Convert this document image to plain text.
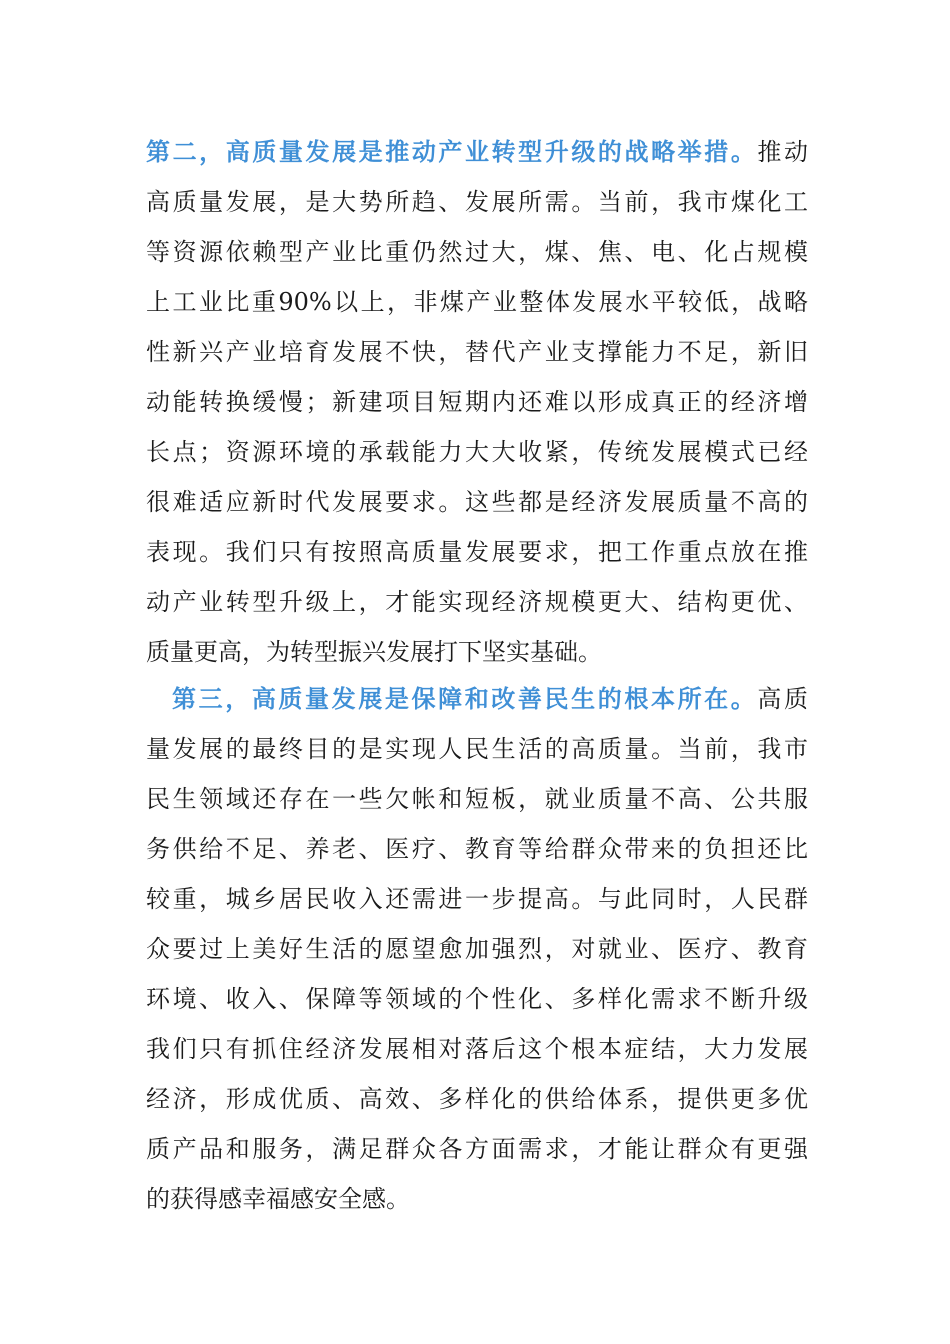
第二，高质量发展是推动产业转型升级的战略举措。推动
高质量发展，是大势所趋、发展所需。当前，我市煤化工
等资源依赖型产业比重仍然过大，煤、焦、电、化占规模
上工业比重90%以上，非煤产业整体发展水平较低，战略
性新兴产业培育发展不快，替代产业支撑能力不足，新旧
动能转换缓慢；新建项目短期内还难以形成真正的经济增
长点；资源环境的承载能力大大收紧，传统发展模式已经
很难适应新时代发展要求。这些都是经济发展质量不高的
表现。我们只有按照高质量发展要求，把工作重点放在推
动产业转型升级上，才能实现经济规模更大、结构更优、
质量更高，为转型振兴发展打下坚实基础。
第三，高质量发展是保障和改善民生的根本所在。高质
量发展的最终目的是实现人民生活的高质量。当前，我市
民生领域还存在一些欠帐和短板，就业质量不高、公共服
务供给不足、养老、医疗、教育等给群众带来的负担还比
较重，城乡居民收入还需进一步提高。与此同时，人民群
众要过上美好生活的愿望愈加强烈，对就业、医疗、教育
环境、收入、保障等领域的个性化、多样化需求不断升级
我们只有抓住经济发展相对落后这个根本症结，大力发展
经济，形成优质、高效、多样化的供给体系，提供更多优
质产品和服务，满足群众各方面需求，才能让群众有更强
的获得感幸福感安全感。
